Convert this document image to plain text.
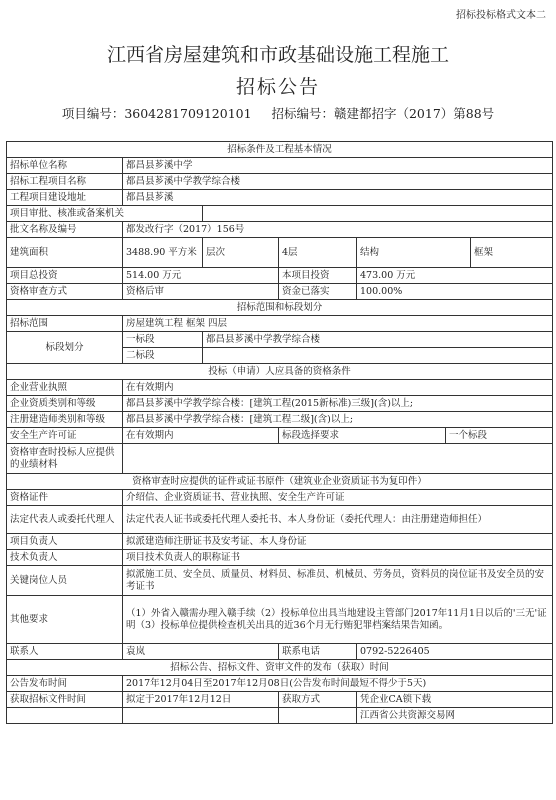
招标投标格式文本二
江西省房屋建筑和市政基础设施工程施工
招标公告
项目编号：3604281709120101 招标编号：赣建都招字（2017）第88号
招标条件及工程基本情况						
招标单位名称	都昌县芗溪中学					
招标工程项目名称	都昌县芗溪中学教学综合楼					
工程项目建设地址	都昌县芗溪					
项目审批、核准或备案机关						
批文名称及编号	都发改行字（2017）156号					
建筑面积	3488.90 平方米	层次	4层	结构		框架
项目总投资	514.00 万元		本项目投资	473.00 万元		
资格审查方式	资格后审		资金已落实	100.00%		
招标范围和标段划分						
招标范围	房屋建筑工程 框架 四层					
标段划分	一标段	都昌县芗溪中学教学综合楼				
	二标段					
投标（申请）人应具备的资格条件						
企业营业执照	在有效期内					
企业资质类别和等级	都昌县芗溪中学教学综合楼：[建筑工程(2015新标准)三级](含)以上;					
注册建造师类别和等级	都昌县芗溪中学教学综合楼：[建筑工程二级](含)以上;					
安全生产许可证	在有效期内		标段选择要求		一个标段	
资格审查时投标人应提供的业绩材料						
资格审查时应提供的证件或证书原件（建筑业企业资质证书为复印件）						
资格证件	介绍信、企业资质证书、营业执照、安全生产许可证					
法定代表人或委托代理人	法定代表人证书或委托代理人委托书、本人身份证（委托代理人：由注册建造师担任）					
项目负责人	拟派建造师注册证书及安考证、本人身份证					
技术负责人	项目技术负责人的职称证书					
关键岗位人员	拟派施工员、安全员、质量员、材料员、标准员、机械员、劳务员，资料员的岗位证书及安全员的安考证书					
其他要求	（1）外省入赣需办理入赣手续（2）投标单位出具当地建设主管部门2017年11月1日以后的'三无'证明（3）投标单位提供检查机关出具的近36个月无行贿犯罪档案结果告知函。					
联系人	袁岚		联系电话	0792-5226405		
招标公告、招标文件、资审文件的发布（获取）时间						
公告发布时间	2017年12月04日至2017年12月08日(公告发布时间最短不得少于5天)					
获取招标文件时间	拟定于2017年12月12日		获取方式	凭企业CA锁下载		
				江西省公共资源交易网		
